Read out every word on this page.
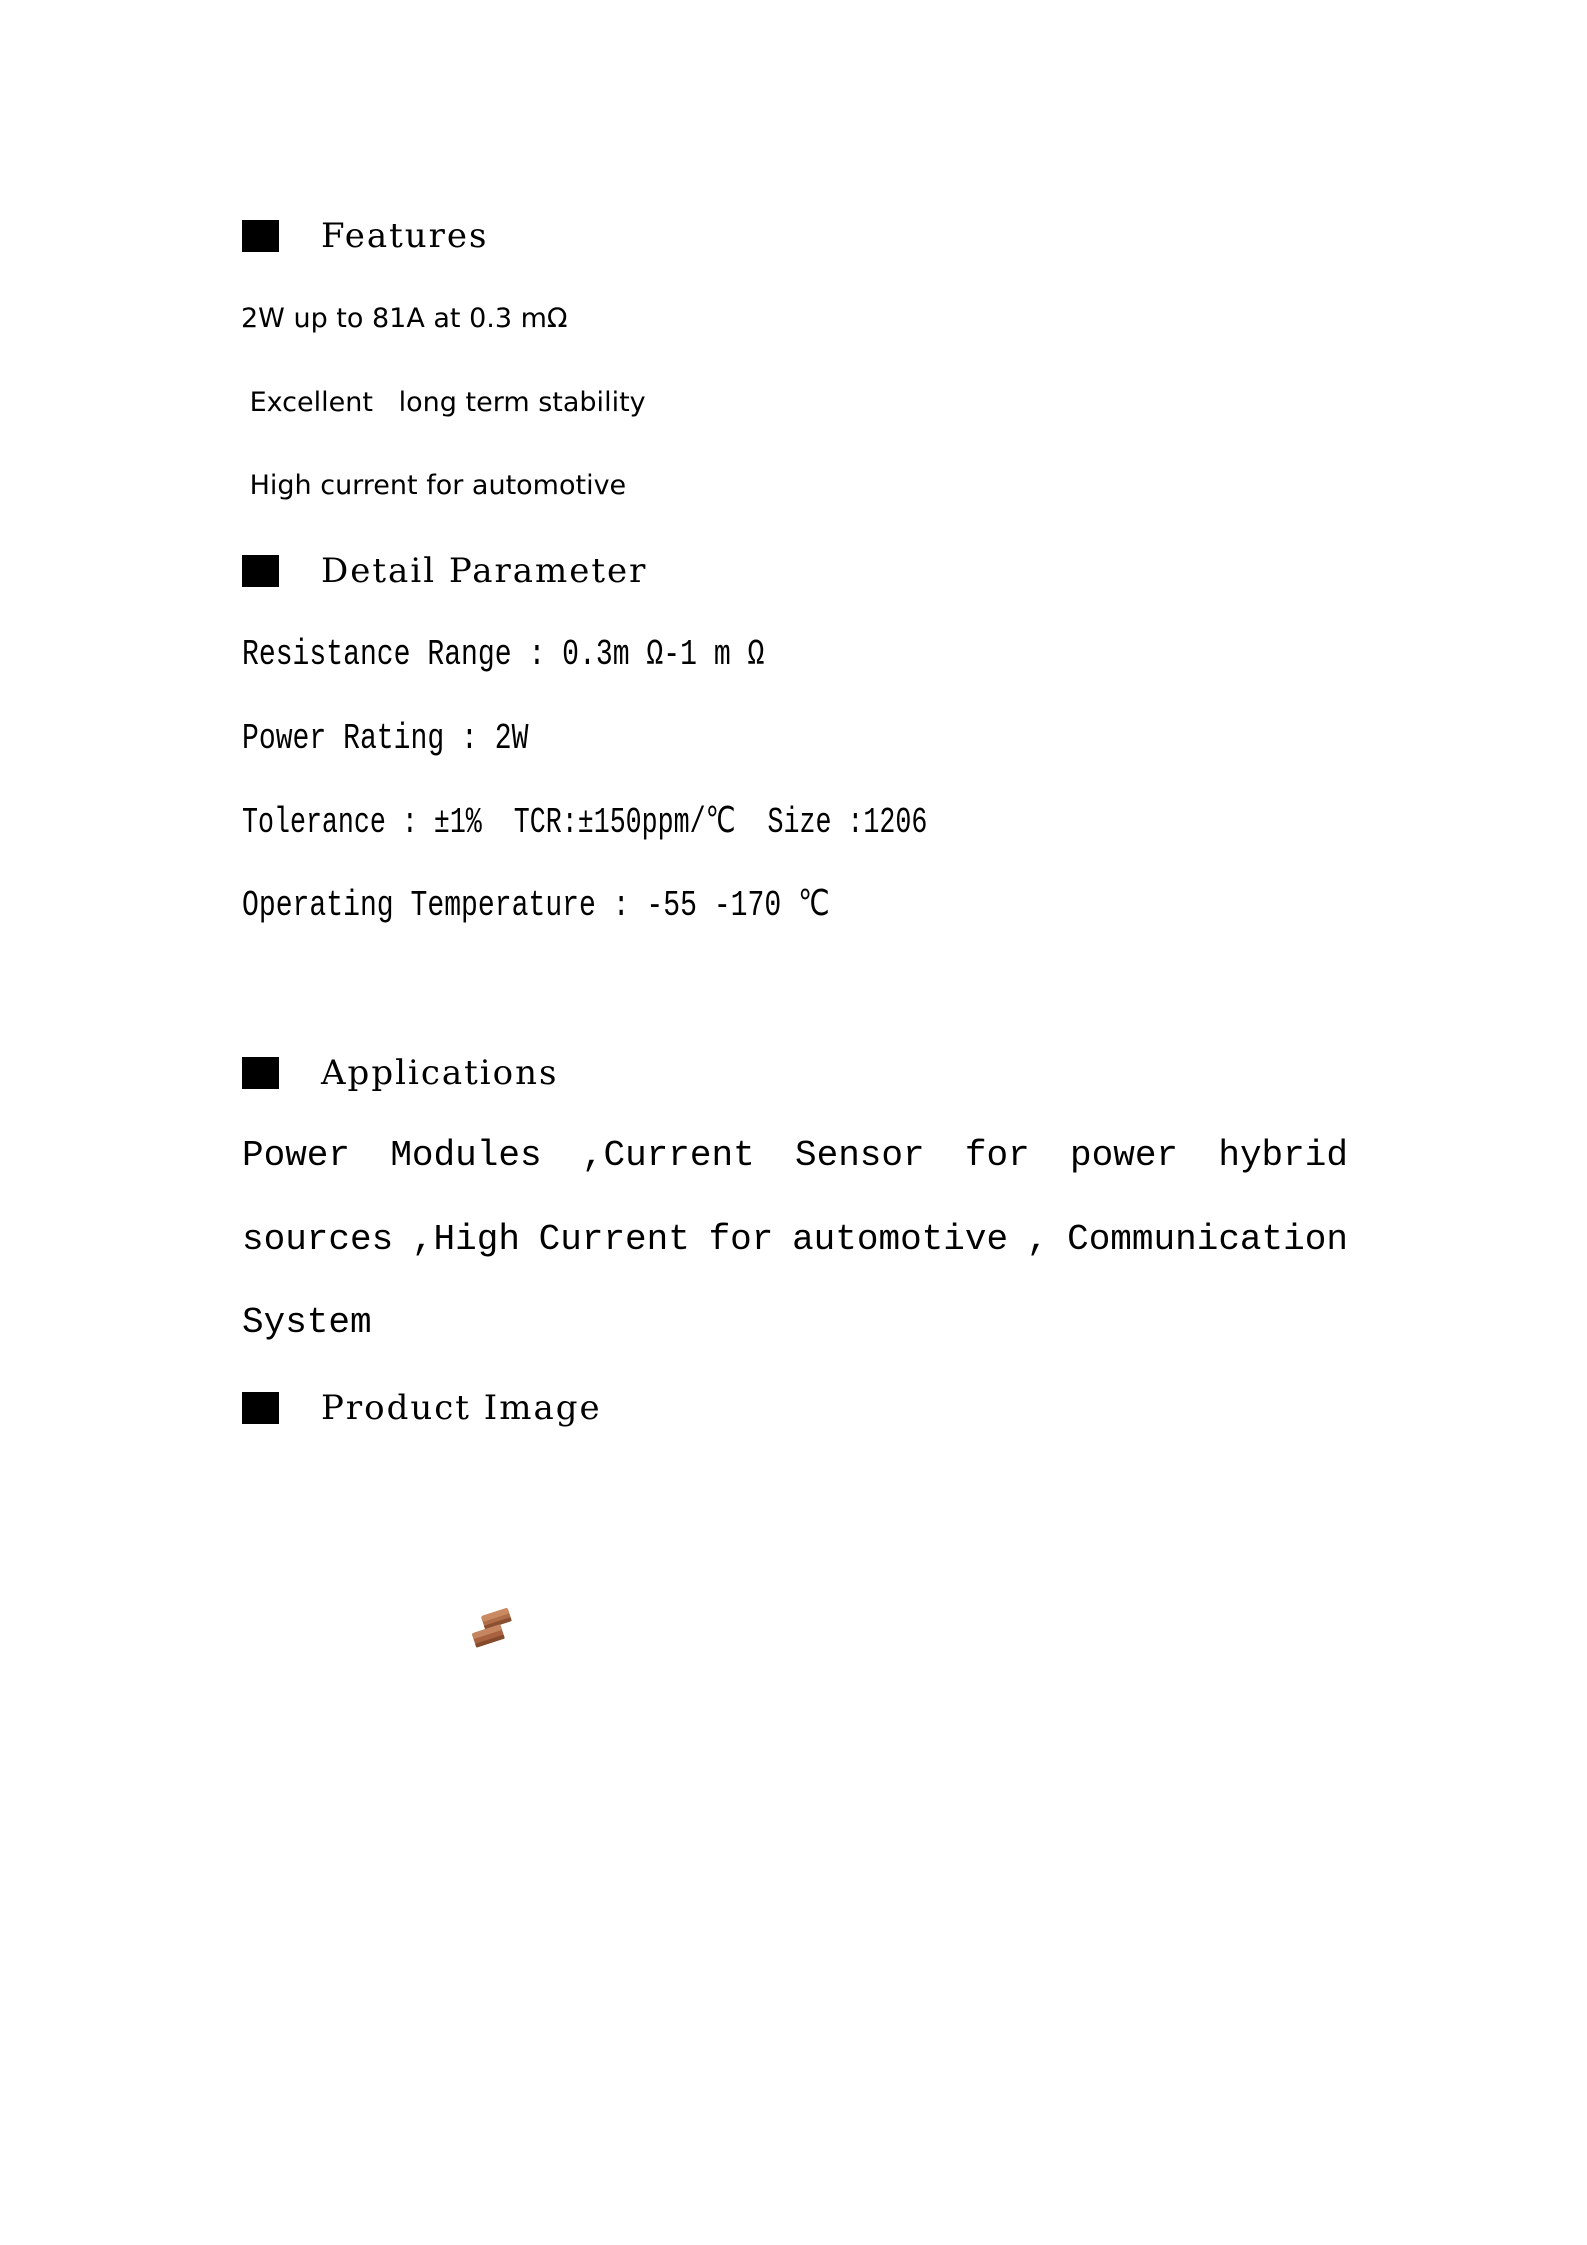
Features
2W up to 81A at 0.3 mΩ
Excellent   long term stability
High current for automotive
Detail Parameter
Resistance Range : 0.3m Ω-1 m Ω
Power Rating : 2W
Tolerance : ±1%  TCR:±150ppm/℃  Size :1206
Operating Temperature : -55 -170 ℃
Applications
Power Modules ,Current Sensor for power hybrid
sources ,High Current for automotive , Communication
System
Product Image
